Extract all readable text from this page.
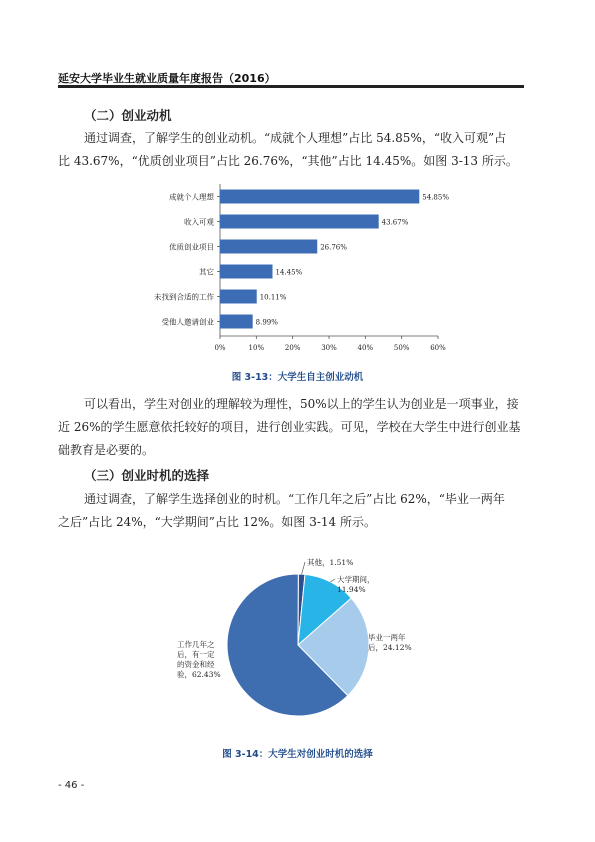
延安大学毕业生就业质量年度报告（2016）
（二）创业动机

通过调查，了解学生的创业动机。“成就个人理想”占比 54.85%，“收入可观”占

比 43.67%，“优质创业项目”占比 26.76%，“其他”占比 14.45%。如图 3-13 所示。

成就个人理想	54.85%
收入可观	43.67%
优质创业项目	26.76%
其它	14.45%
未找到合适的工作	10.11%
受他人邀请创业	8.99%
0%	10%	20%	30%	40%	50%	60%
图 3-13：大学生自主创业动机

可以看出，学生对创业的理解较为理性，50%以上的学生认为创业是一项事业，接

近 26%的学生愿意依托较好的项目，进行创业实践。可见，学校在大学生中进行创业基

础教育是必要的。

（三）创业时机的选择

通过调查，了解学生选择创业的时机。“工作几年之后”占比 62%，“毕业一两年

之后”占比 24%，“大学期间”占比 12%。如图 3-14 所示。

其他，1.51%
大学期间，
11.94%
毕业一两年
后，24.12%
工作几年之
后，有一定
的资金和经
验，62.43%
图 3-14：大学生对创业时机的选择
- 46 -
